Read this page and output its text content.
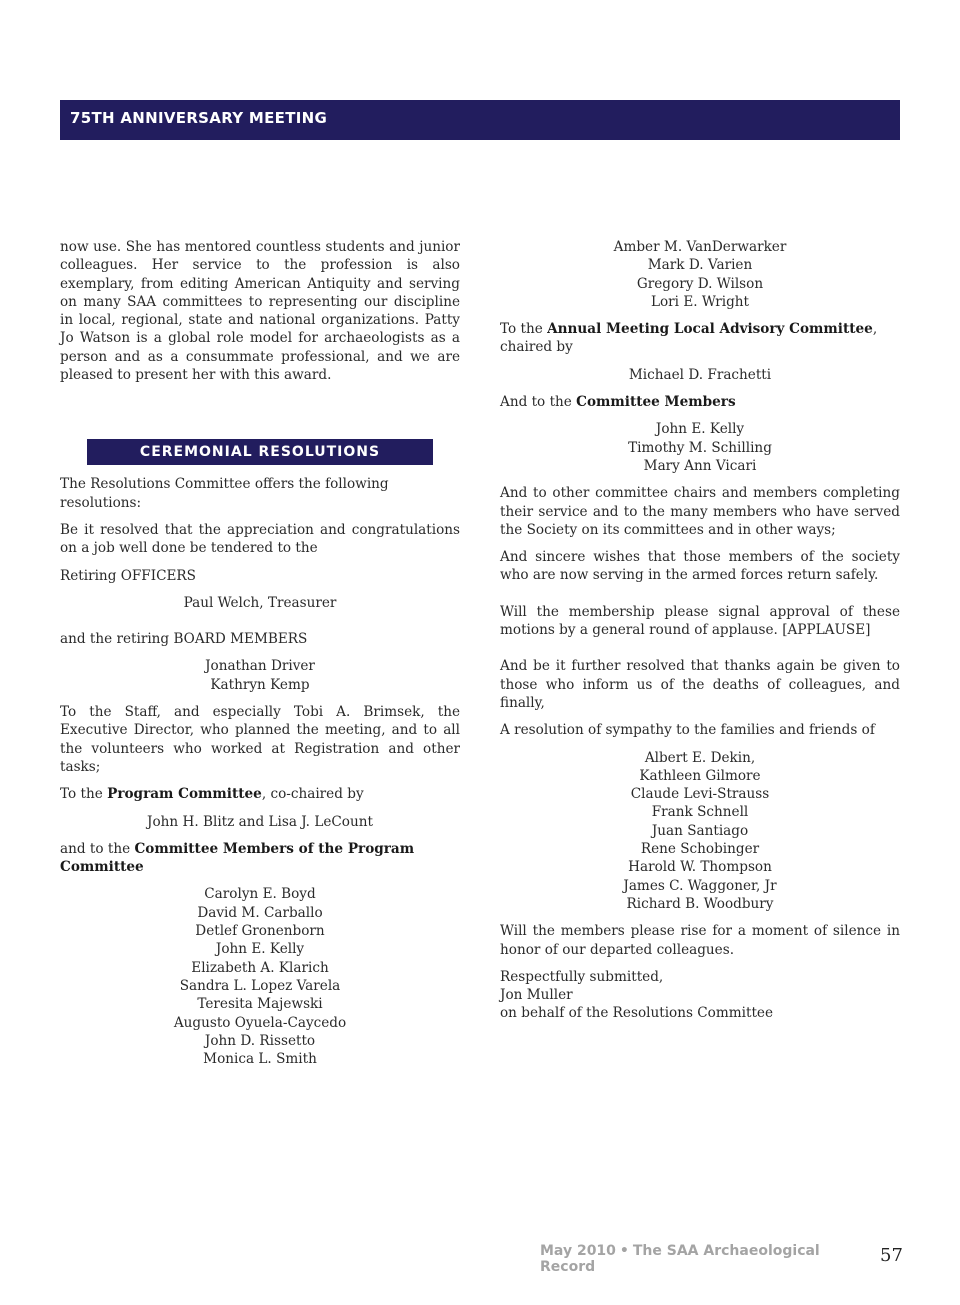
75TH ANNIVERSARY MEETING

now use. She has mentored countless students and junior colleagues. Her service to the profession is also exemplary, from editing American Antiquity and serving on many SAA committees to representing our discipline in local, regional, state and national organizations. Patty Jo Watson is a global role model for archaeologists as a person and as a consummate professional, and we are pleased to present her with this award.

CEREMONIAL RESOLUTIONS

The Resolutions Committee offers the following resolutions:

Be it resolved that the appreciation and congratulations on a job well done be tendered to the

Retiring OFFICERS

Paul Welch, Treasurer

and the retiring BOARD MEMBERS

Jonathan Driver
Kathryn Kemp

To the Staff, and especially Tobi A. Brimsek, the Executive Director, who planned the meeting, and to all the volunteers who worked at Registration and other tasks;

To the Program Committee, co-chaired by

John H. Blitz and Lisa J. LeCount

and to the Committee Members of the Program Committee

Carolyn E. Boyd
David M. Carballo
Detlef Gronenborn
John E. Kelly
Elizabeth A. Klarich
Sandra L. Lopez Varela
Teresita Majewski
Augusto Oyuela-Caycedo
John D. Rissetto
Monica L. Smith
Amber M. VanDerwarker
Mark D. Varien
Gregory D. Wilson
Lori E. Wright

To the Annual Meeting Local Advisory Committee, chaired by

Michael D. Frachetti

And to the Committee Members

John E. Kelly
Timothy M. Schilling
Mary Ann Vicari

And to other committee chairs and members completing their service and to the many members who have served the Society on its committees and in other ways;

And sincere wishes that those members of the society who are now serving in the armed forces return safely.

Will the membership please signal approval of these motions by a general round of applause. [APPLAUSE]

And be it further resolved that thanks again be given to those who inform us of the deaths of colleagues, and finally,

A resolution of sympathy to the families and friends of

Albert E. Dekin,
Kathleen Gilmore
Claude Levi-Strauss
Frank Schnell
Juan Santiago
Rene Schobinger
Harold W. Thompson
James C. Waggoner, Jr
Richard B. Woodbury

Will the members please rise for a moment of silence in honor of our departed colleagues.

Respectfully submitted,
Jon Muller
on behalf of the Resolutions Committee
May 2010 • The SAA Archaeological Record
57
